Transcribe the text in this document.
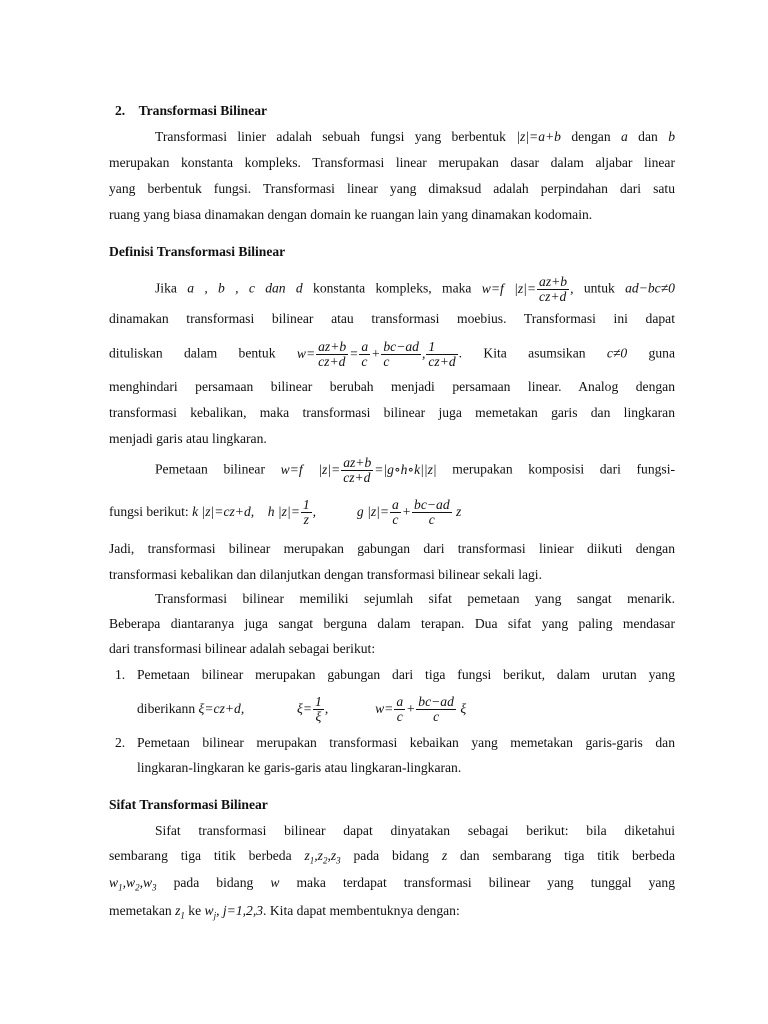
2. Transformasi Bilinear
Transformasi linier adalah sebuah fungsi yang berbentuk |z|=a+b dengan a dan b
merupakan konstanta kompleks. Transformasi linear merupakan dasar dalam aljabar linear
yang berbentuk fungsi. Transformasi linear yang dimaksud adalah perpindahan dari satu
ruang yang biasa dinamakan dengan domain ke ruangan lain yang dinamakan kodomain.
Definisi Transformasi Bilinear
Jika a , b , c dan d konstanta kompleks, maka w=f $|z|= \frac{az+b}{cz+d}$ , untuk ad−bc≠0
dinamakan transformasi bilinear atau transformasi moebius. Transformasi ini dapat
dituliskan dalam bentuk $w= \frac{az+b}{cz+d} = \frac{a}{c} + \frac{bc-ad}{c}$ , $\frac{1}{cz+d}$ . Kita asumsikan c≠0 guna
menghindari persamaan bilinear berubah menjadi persamaan linear. Analog dengan
transformasi kebalikan, maka transformasi bilinear juga memetakan garis dan lingkaran
menjadi garis atau lingkaran.
Pemetaan bilinear w=f $|z|= \frac{az+b}{cz+d}$ =|g∘h∘k||z| merupakan komposisi dari fungsi-
fungsi berikut: k |z|=cz+d, h $|z|= \frac{1}{z}$ ,	g $|z|= \frac{a}{c} + \frac{bc-ad}{c}$ z
Jadi, transformasi bilinear merupakan gabungan dari transformasi liniear diikuti dengan
transformasi kebalikan dan dilanjutkan dengan transformasi bilinear sekali lagi.
Transformasi bilinear memiliki sejumlah sifat pemetaan yang sangat menarik.
Beberapa diantaranya juga sangat berguna dalam terapan. Dua sifat yang paling mendasar
dari transformasi bilinear adalah sebagai berikut:
1. Pemetaan bilinear merupakan gabungan dari tiga fungsi berikut, dalam urutan yang
diberikann ξ=cz+d,	$\xi= \frac{1}{\xi}$ ,	$w= \frac{a}{c} + \frac{bc-ad}{c}$ ξ
2. Pemetaan bilinear merupakan transformasi kebaikan yang memetakan garis-garis dan
lingkaran-lingkaran ke garis-garis atau lingkaran-lingkaran.
Sifat Transformasi Bilinear
Sifat transformasi bilinear dapat dinyatakan sebagai berikut: bila diketahui
sembarang tiga titik berbeda $z_1,z_2,z_3$ pada bidang z dan sembarang tiga titik berbeda
$w_1,w_2,w_3$ pada bidang w maka terdapat transformasi bilinear yang tunggal yang
memetakan $z_1$ ke $w_j$, j=1,2,3. Kita dapat membentuknya dengan:
